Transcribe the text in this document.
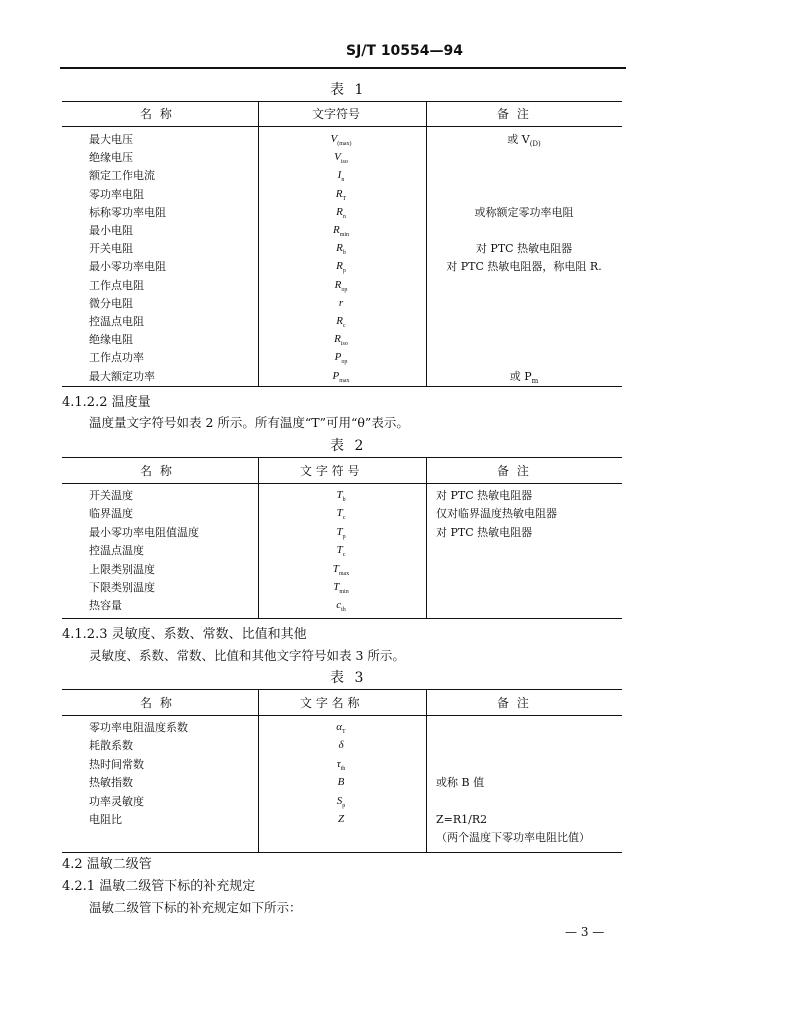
SJ/T 10554—94
表 1
名 称	文字符号	备 注
最大电压	$V_{(max)}$	或 $V_{(D)}$
绝缘电压	$V_{iso}$
额定工作电流	$I_n$
零功率电阻	$R_T$
标称零功率电阻	$R_n$	或称额定零功率电阻
最小电阻	$R_{min}$
开关电阻	$R_b$	对 PTC 热敏电阻器
最小零功率电阻	$R_p$	对 PTC 热敏电阻器，称电阻 R.
工作点电阻	$R_{op}$
微分电阻	r
控温点电阻	$R_c$
绝缘电阻	$R_{iso}$
工作点功率	$P_{op}$
最大额定功率	$P_{max}$	或 $P_m$
4.1.2.2 温度量
温度量文字符号如表 2 所示。所有温度“T”可用“θ”表示。
表 2
名 称	文 字 符 号	备 注
开关温度	$T_b$	对 PTC 热敏电阻器
临界温度	$T_c$	仅对临界温度热敏电阻器
最小零功率电阻值温度	$T_p$	对 PTC 热敏电阻器
控温点温度	$T_c$
上限类别温度	$T_{max}$
下限类别温度	$T_{min}$
热容量	$c_{th}$
4.1.2.3 灵敏度、系数、常数、比值和其他
灵敏度、系数、常数、比值和其他文字符号如表 3 所示。
表 3
名 称	文 字 名 称	备 注
零功率电阻温度系数	$\alpha_T$
耗散系数	δ
热时间常数	$\tau_{th}$
热敏指数	B	或称 B 值
功率灵敏度	$S_p$
电阻比	Z	Z=R1/R2
（两个温度下零功率电阻比值）
4.2 温敏二级管
4.2.1 温敏二级管下标的补充规定
温敏二级管下标的补充规定如下所示：
— 3 —
